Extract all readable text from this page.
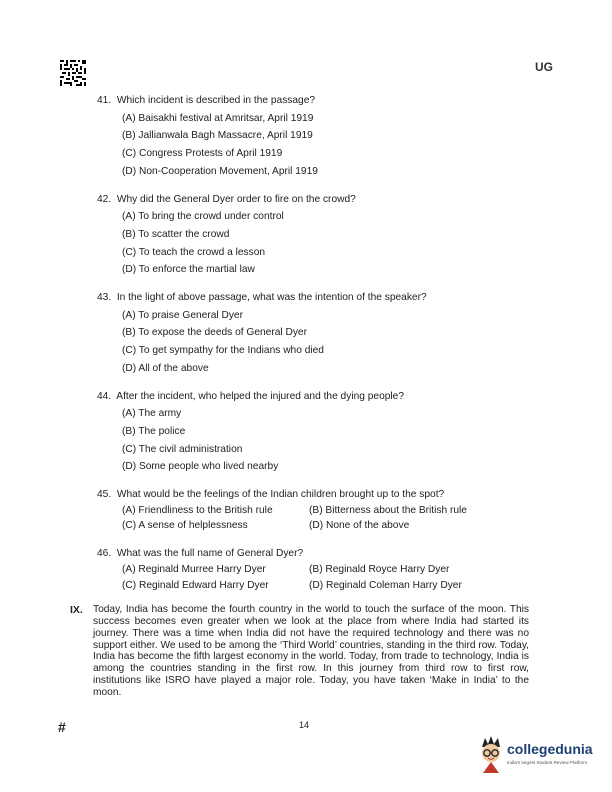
UG
41. Which incident is described in the passage?
(A) Baisakhi festival at Amritsar, April 1919
(B) Jallianwala Bagh Massacre, April 1919
(C) Congress Protests of April 1919
(D) Non-Cooperation Movement, April 1919
42. Why did the General Dyer order to fire on the crowd?
(A) To bring the crowd under control
(B) To scatter the crowd
(C) To teach the crowd a lesson
(D) To enforce the martial law
43. In the light of above passage, what was the intention of the speaker?
(A) To praise General Dyer
(B) To expose the deeds of General Dyer
(C) To get sympathy for the Indians who died
(D) All of the above
44. After the incident, who helped the injured and the dying people?
(A) The army
(B) The police
(C) The civil administration
(D) Some people who lived nearby
45. What would be the feelings of the Indian children brought up to the spot?
(A) Friendliness to the British rule	(B) Bitterness about the British rule
(C) A sense of helplessness	(D) None of the above
46. What was the full name of General Dyer?
(A) Reginald Murree Harry Dyer	(B) Reginald Royce Harry Dyer
(C) Reginald Edward Harry Dyer	(D) Reginald Coleman Harry Dyer
IX. Today, India has become the fourth country in the world to touch the surface of the moon. This success becomes even greater when we look at the place from where India had started its journey. There was a time when India did not have the required technology and there was no support either. We used to be among the ‘Third World’ countries, standing in the third row. Today, India has become the fifth largest economy in the world. Today, from trade to technology, India is among the countries standing in the first row. In this journey from third row to first row, institutions like ISRO have played a major role. Today, you have taken ‘Make in India’ to the moon.
#	14
collegedunia
India's largest Student Review Platform
